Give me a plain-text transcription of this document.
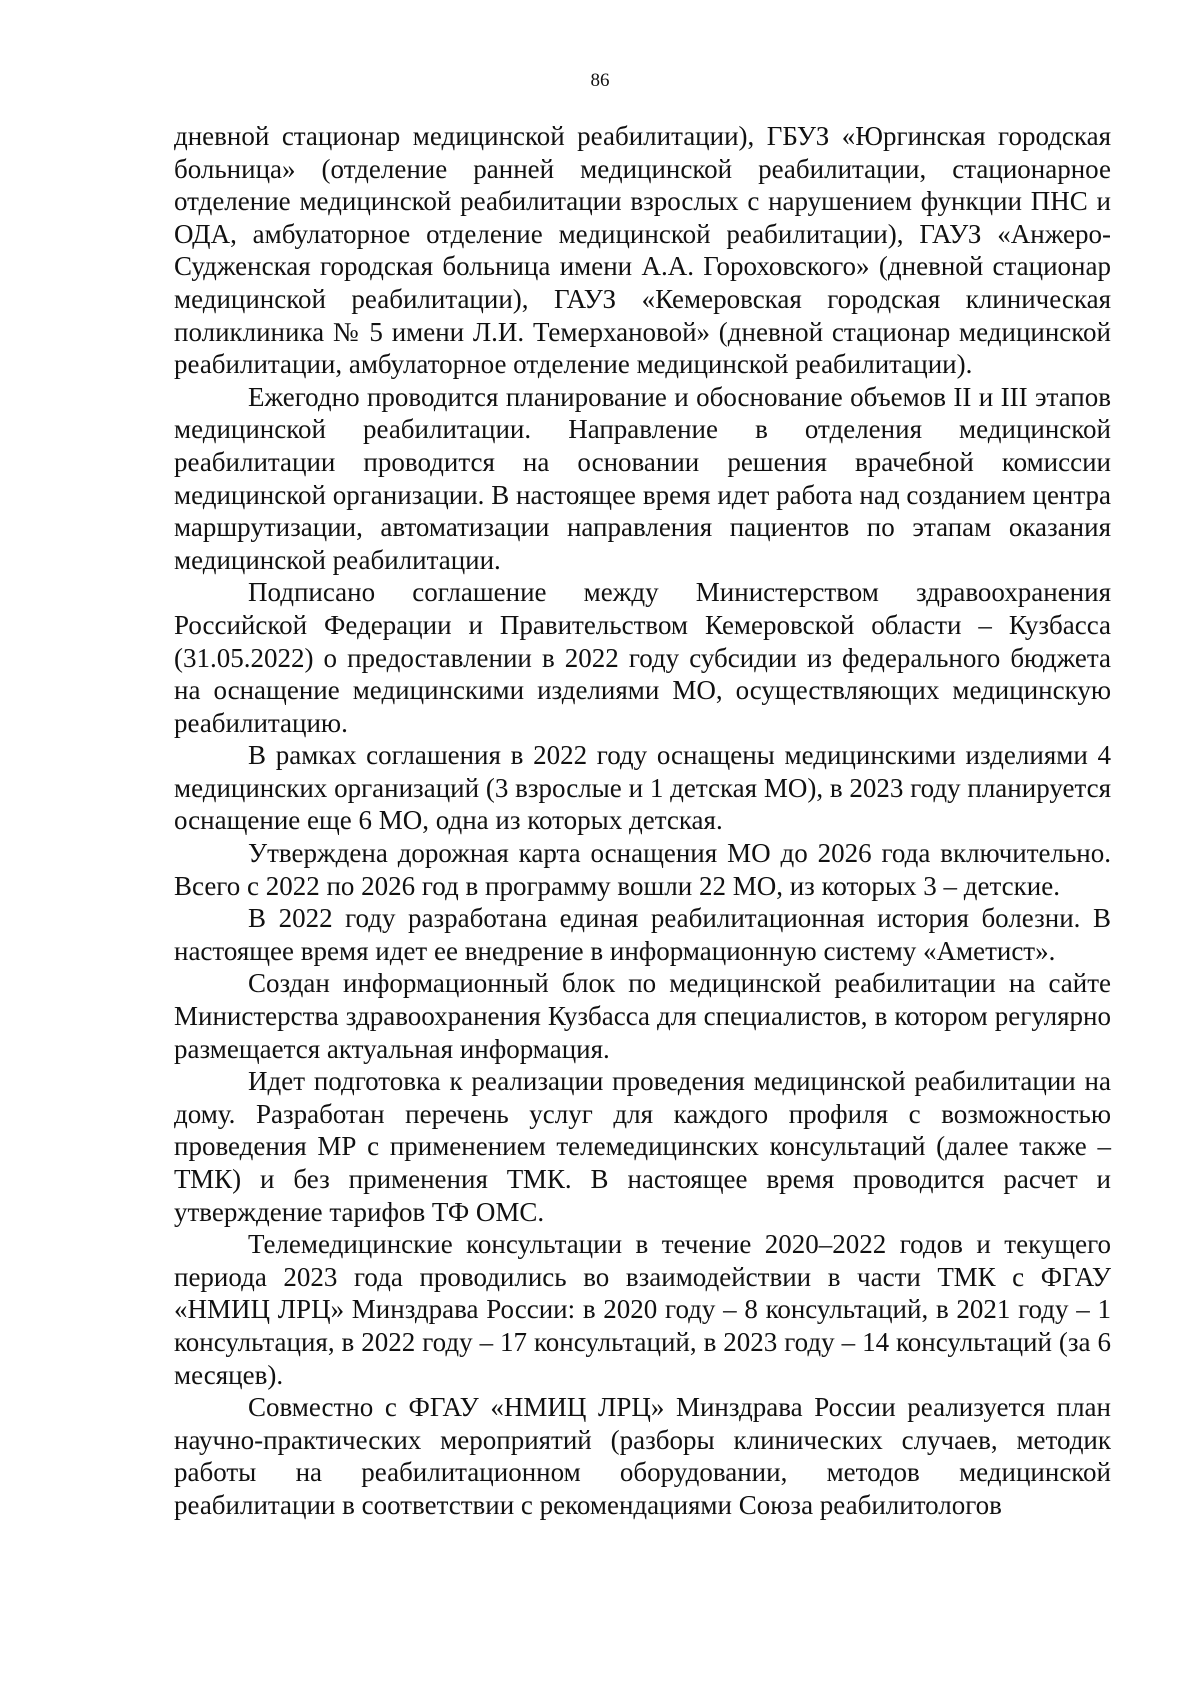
86

дневной стационар медицинской реабилитации), ГБУЗ «Юргинская городская больница» (отделение ранней медицинской реабилитации, стационарное отделение медицинской реабилитации взрослых с нарушением функции ПНС и ОДА, амбулаторное отделение медицинской реабилитации), ГАУЗ «Анжеро-Судженская городская больница имени А.А. Гороховского» (дневной стационар медицинской реабилитации), ГАУЗ «Кемеровская городская клиническая поликлиника № 5 имени Л.И. Темерхановой» (дневной стационар медицинской реабилитации, амбулаторное отделение медицинской реабилитации).

Ежегодно проводится планирование и обоснование объемов II и III этапов медицинской реабилитации. Направление в отделения медицинской реабилитации проводится на основании решения врачебной комиссии медицинской организации. В настоящее время идет работа над созданием центра маршрутизации, автоматизации направления пациентов по этапам оказания медицинской реабилитации.

Подписано соглашение между Министерством здравоохранения Российской Федерации и Правительством Кемеровской области – Кузбасса (31.05.2022) о предоставлении в 2022 году субсидии из федерального бюджета на оснащение медицинскими изделиями МО, осуществляющих медицинскую реабилитацию.

В рамках соглашения в 2022 году оснащены медицинскими изделиями 4 медицинских организаций (3 взрослые и 1 детская МО), в 2023 году планируется оснащение еще 6 МО, одна из которых детская.

Утверждена дорожная карта оснащения МО до 2026 года включительно. Всего с 2022 по 2026 год в программу вошли 22 МО, из которых 3 – детские.

В 2022 году разработана единая реабилитационная история болезни. В настоящее время идет ее внедрение в информационную систему «Аметист».

Создан информационный блок по медицинской реабилитации на сайте Министерства здравоохранения Кузбасса для специалистов, в котором регулярно размещается актуальная информация.

Идет подготовка к реализации проведения медицинской реабилитации на дому. Разработан перечень услуг для каждого профиля с возможностью проведения МР с применением телемедицинских консультаций (далее также – ТМК) и без применения ТМК. В настоящее время проводится расчет и утверждение тарифов ТФ ОМС.

Телемедицинские консультации в течение 2020–2022 годов и текущего периода 2023 года проводились во взаимодействии в части ТМК с ФГАУ «НМИЦ ЛРЦ» Минздрава России: в 2020 году – 8 консультаций, в 2021 году – 1 консультация, в 2022 году – 17 консультаций, в 2023 году – 14 консультаций (за 6 месяцев).

Совместно с ФГАУ «НМИЦ ЛРЦ» Минздрава России реализуется план научно-практических мероприятий (разборы клинических случаев, методик работы на реабилитационном оборудовании, методов медицинской реабилитации в соответствии с рекомендациями Союза реабилитологов
